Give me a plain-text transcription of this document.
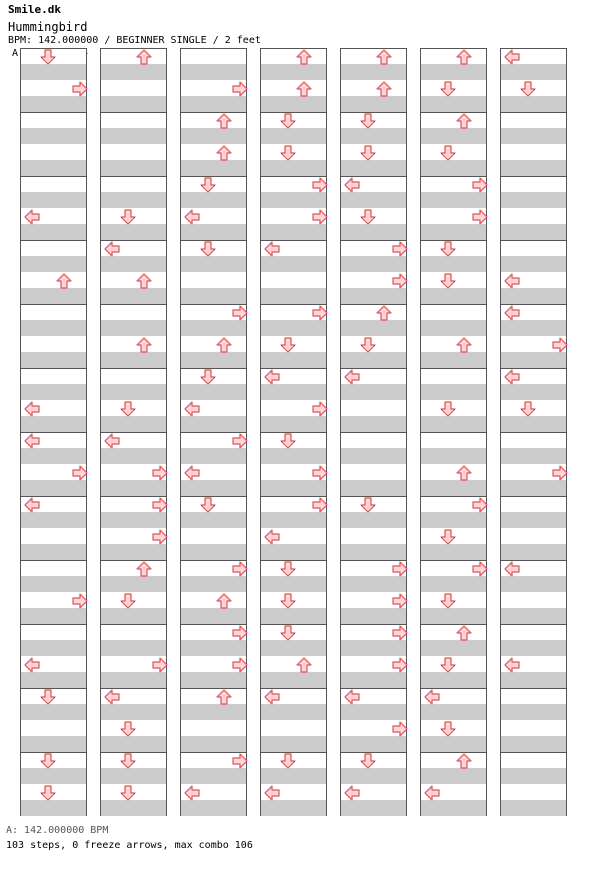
Smile.dk
Hummingbird
BPM: 142.000000 / BEGINNER SINGLE / 2 feet
A
A: 142.000000 BPM
103 steps, 0 freeze arrows, max combo 106
